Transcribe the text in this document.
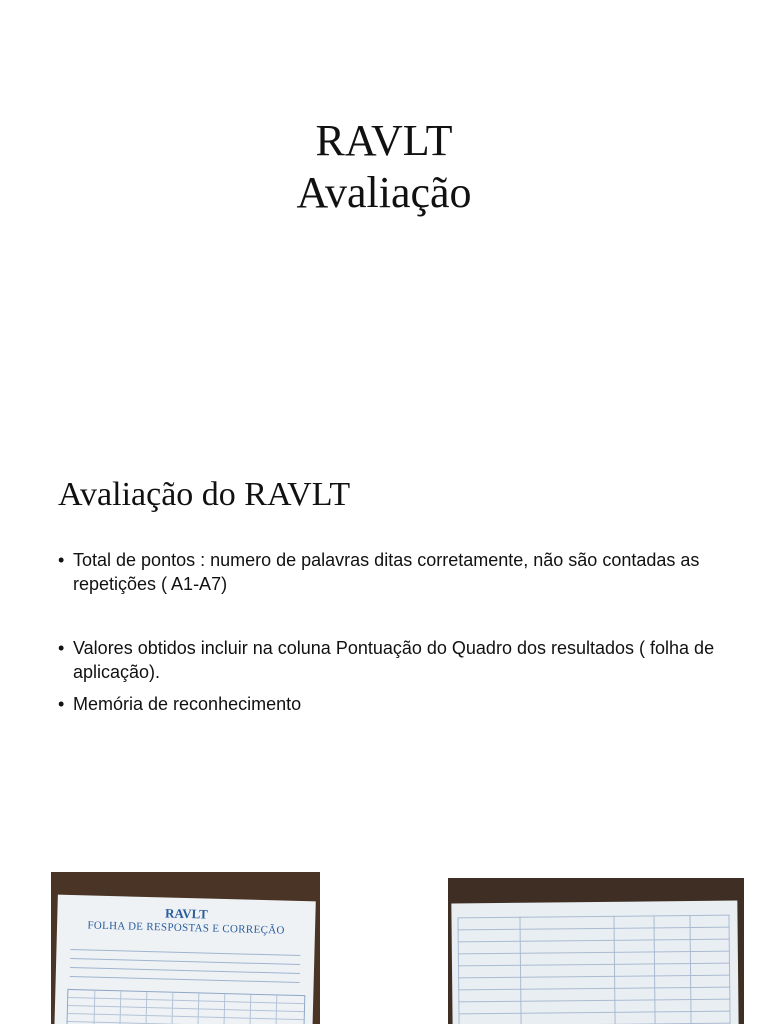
RAVLT
Avaliação
Avaliação do RAVLT
• Total de pontos : numero de palavras ditas corretamente, não são contadas as repetições ( A1-A7)
• Valores obtidos incluir na coluna Pontuação do Quadro dos resultados ( folha de aplicação).
• Memória de reconhecimento
RAVLT
FOLHA DE RESPOSTAS E CORREÇÃO
